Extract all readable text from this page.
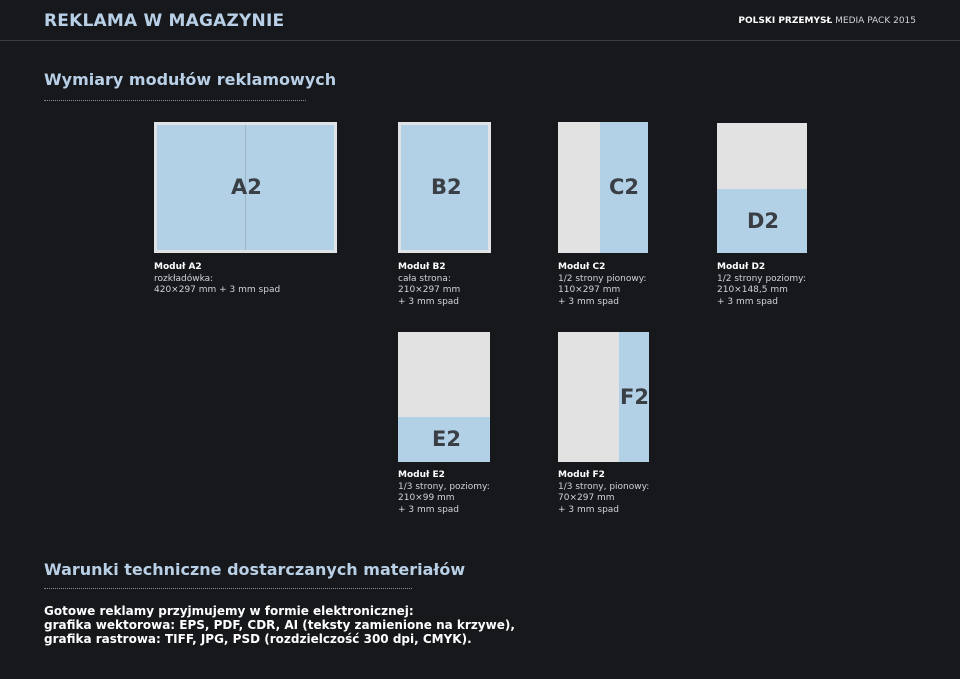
REKLAMA W MAGAZYNIE	POLSKI PRZEMYSŁ MEDIA PACK 2015
Wymiary modułów reklamowych
A2
Moduł A2
rozkładówka:
420×297 mm + 3 mm spad
B2
Moduł B2
cała strona:
210×297 mm
+ 3 mm spad
C2
Moduł C2
1/2 strony pionowy:
110×297 mm
+ 3 mm spad
D2
Moduł D2
1/2 strony poziomy:
210×148,5 mm
+ 3 mm spad
E2
Moduł E2
1/3 strony, poziomy:
210×99 mm
+ 3 mm spad
F2
Moduł F2
1/3 strony, pionowy:
70×297 mm
+ 3 mm spad
Warunki techniczne dostarczanych materiałów
Gotowe reklamy przyjmujemy w formie elektronicznej:
grafika wektorowa: EPS, PDF, CDR, AI (teksty zamienione na krzywe),
grafika rastrowa: TIFF, JPG, PSD (rozdzielczość 300 dpi, CMYK).
